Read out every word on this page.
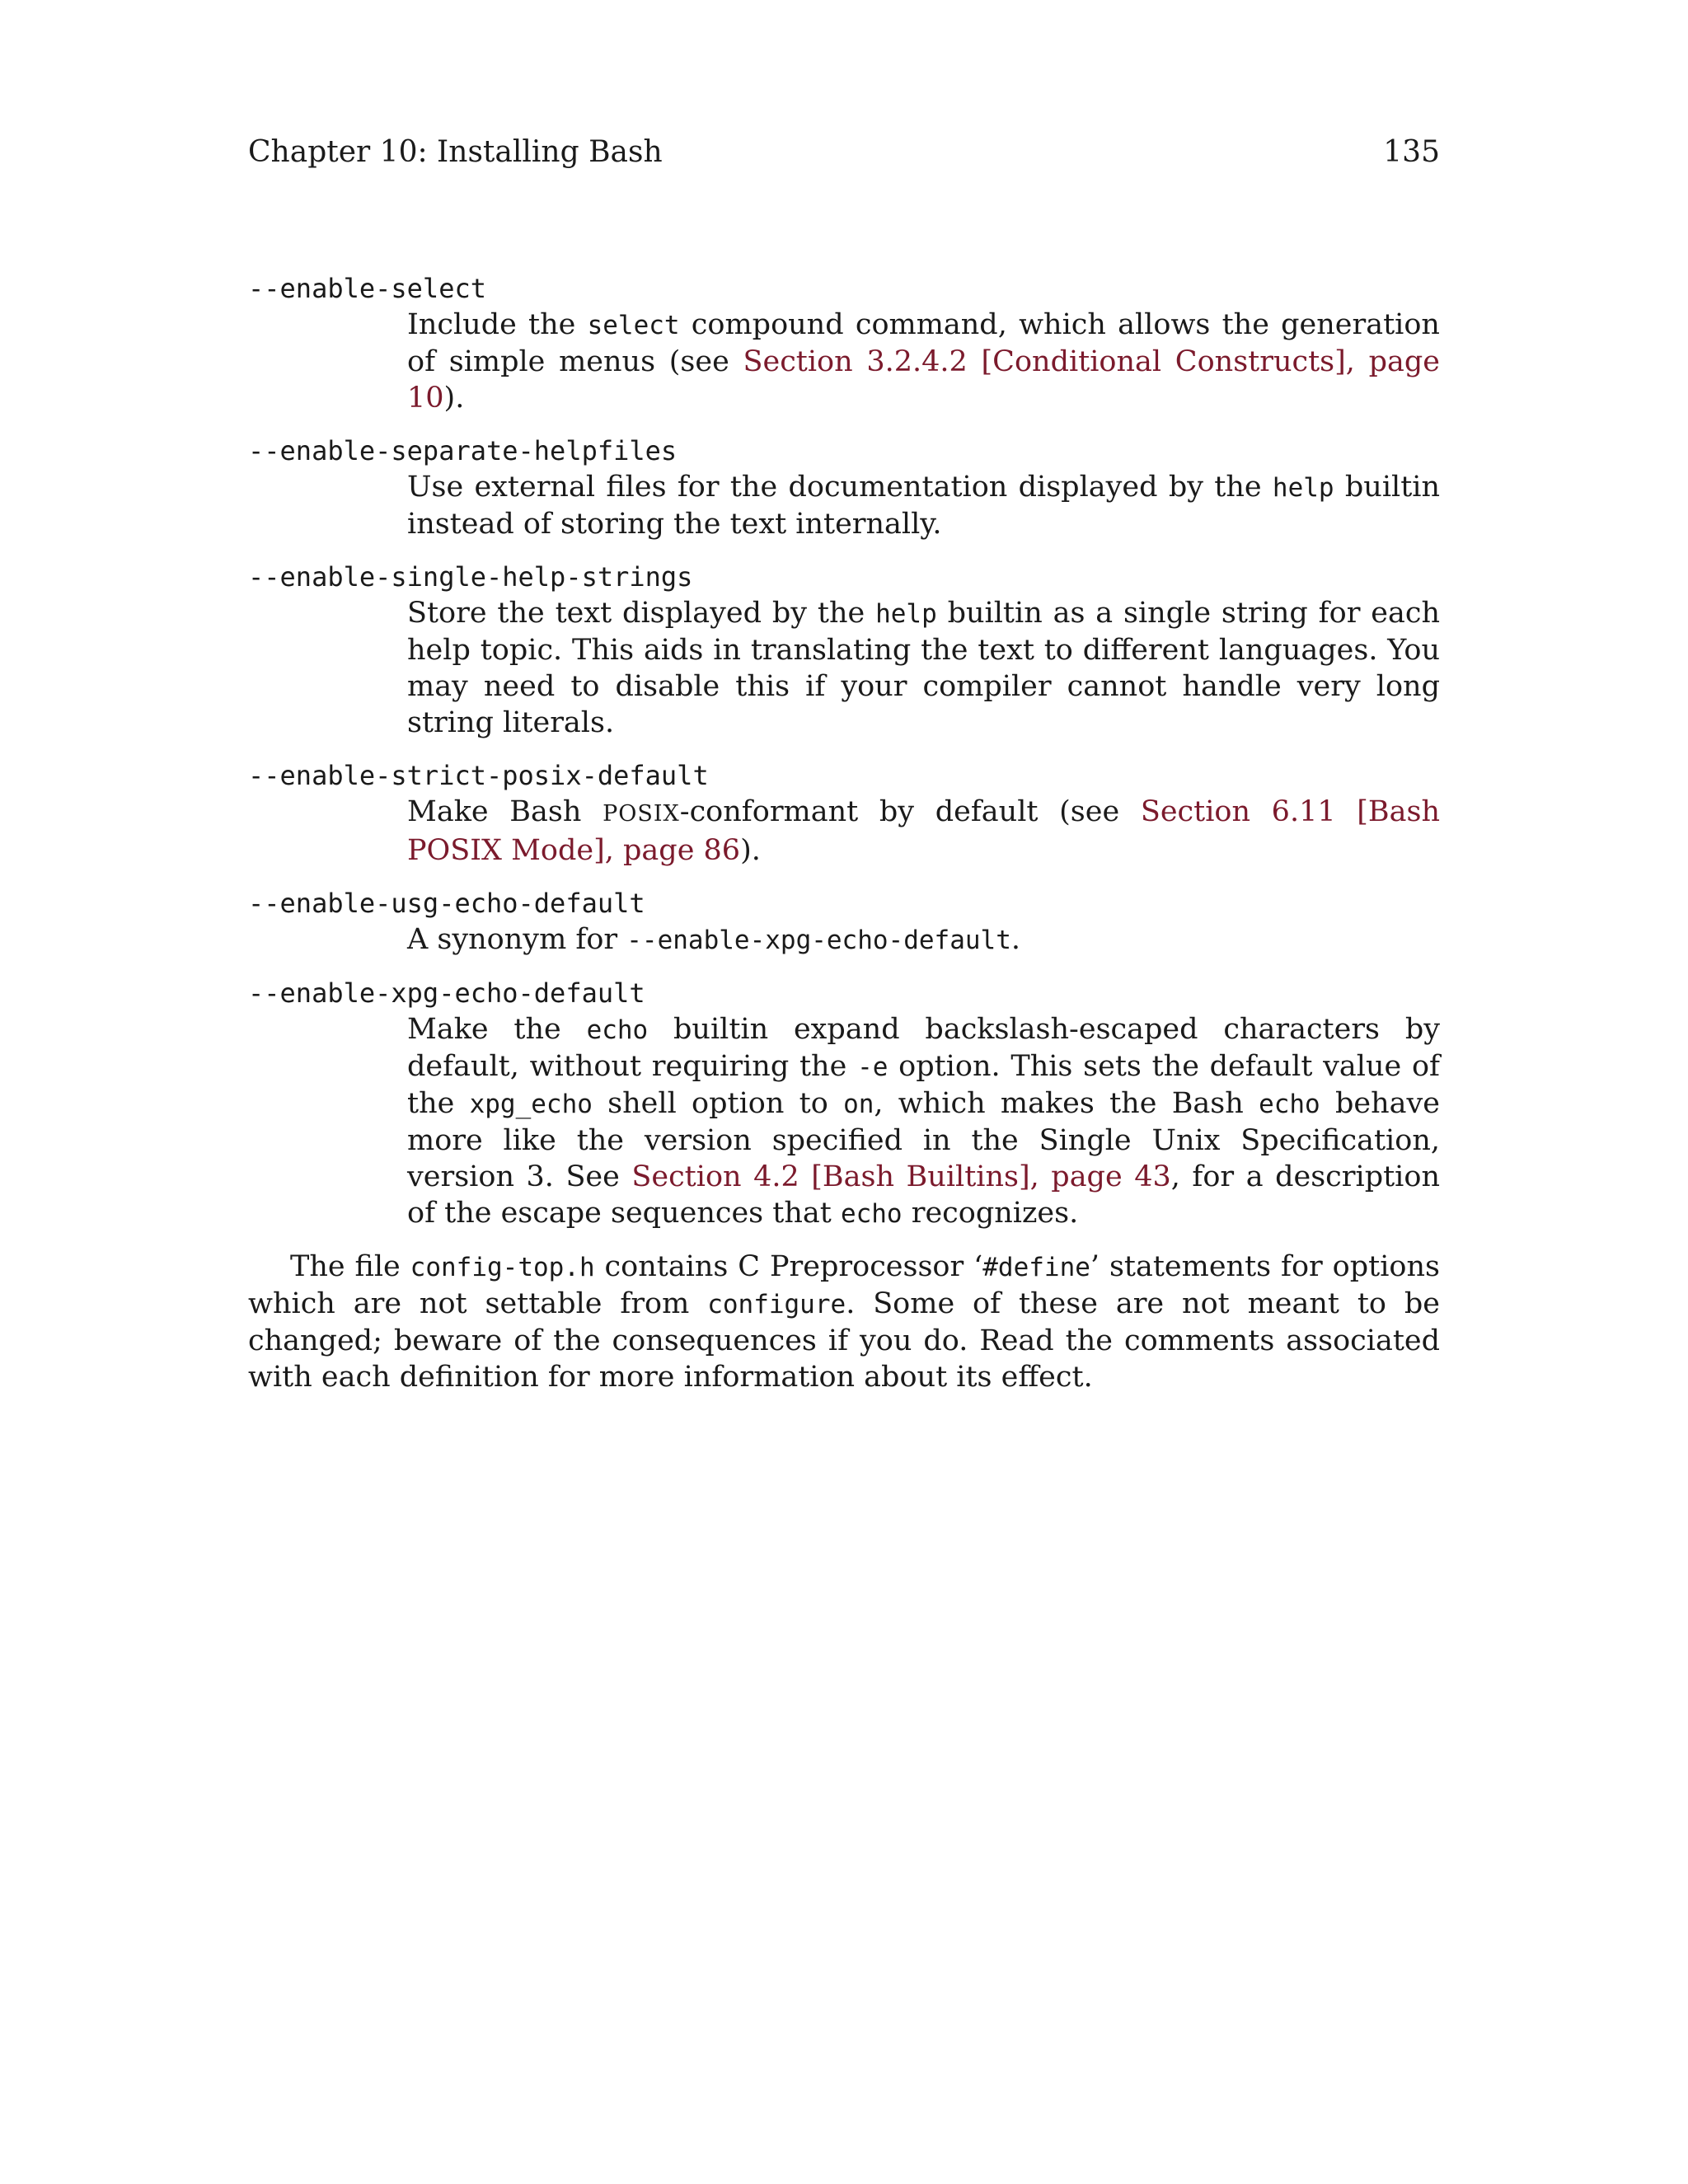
Chapter 10: Installing Bash	135
--enable-select
Include the select compound command, which allows the generation of simple menus (see Section 3.2.4.2 [Conditional Constructs], page 10).
--enable-separate-helpfiles
Use external files for the documentation displayed by the help builtin instead of storing the text internally.
--enable-single-help-strings
Store the text displayed by the help builtin as a single string for each help topic. This aids in translating the text to different languages. You may need to disable this if your compiler cannot handle very long string literals.
--enable-strict-posix-default
Make Bash POSIX-conformant by default (see Section 6.11 [Bash POSIX Mode], page 86).
--enable-usg-echo-default
A synonym for --enable-xpg-echo-default.
--enable-xpg-echo-default
Make the echo builtin expand backslash-escaped characters by default, without requiring the -e option. This sets the default value of the xpg_echo shell option to on, which makes the Bash echo behave more like the version specified in the Single Unix Specification, version 3. See Section 4.2 [Bash Builtins], page 43, for a description of the escape sequences that echo recognizes.
The file config-top.h contains C Preprocessor ‘#define’ statements for options which are not settable from configure. Some of these are not meant to be changed; beware of the consequences if you do. Read the comments associated with each definition for more information about its effect.
